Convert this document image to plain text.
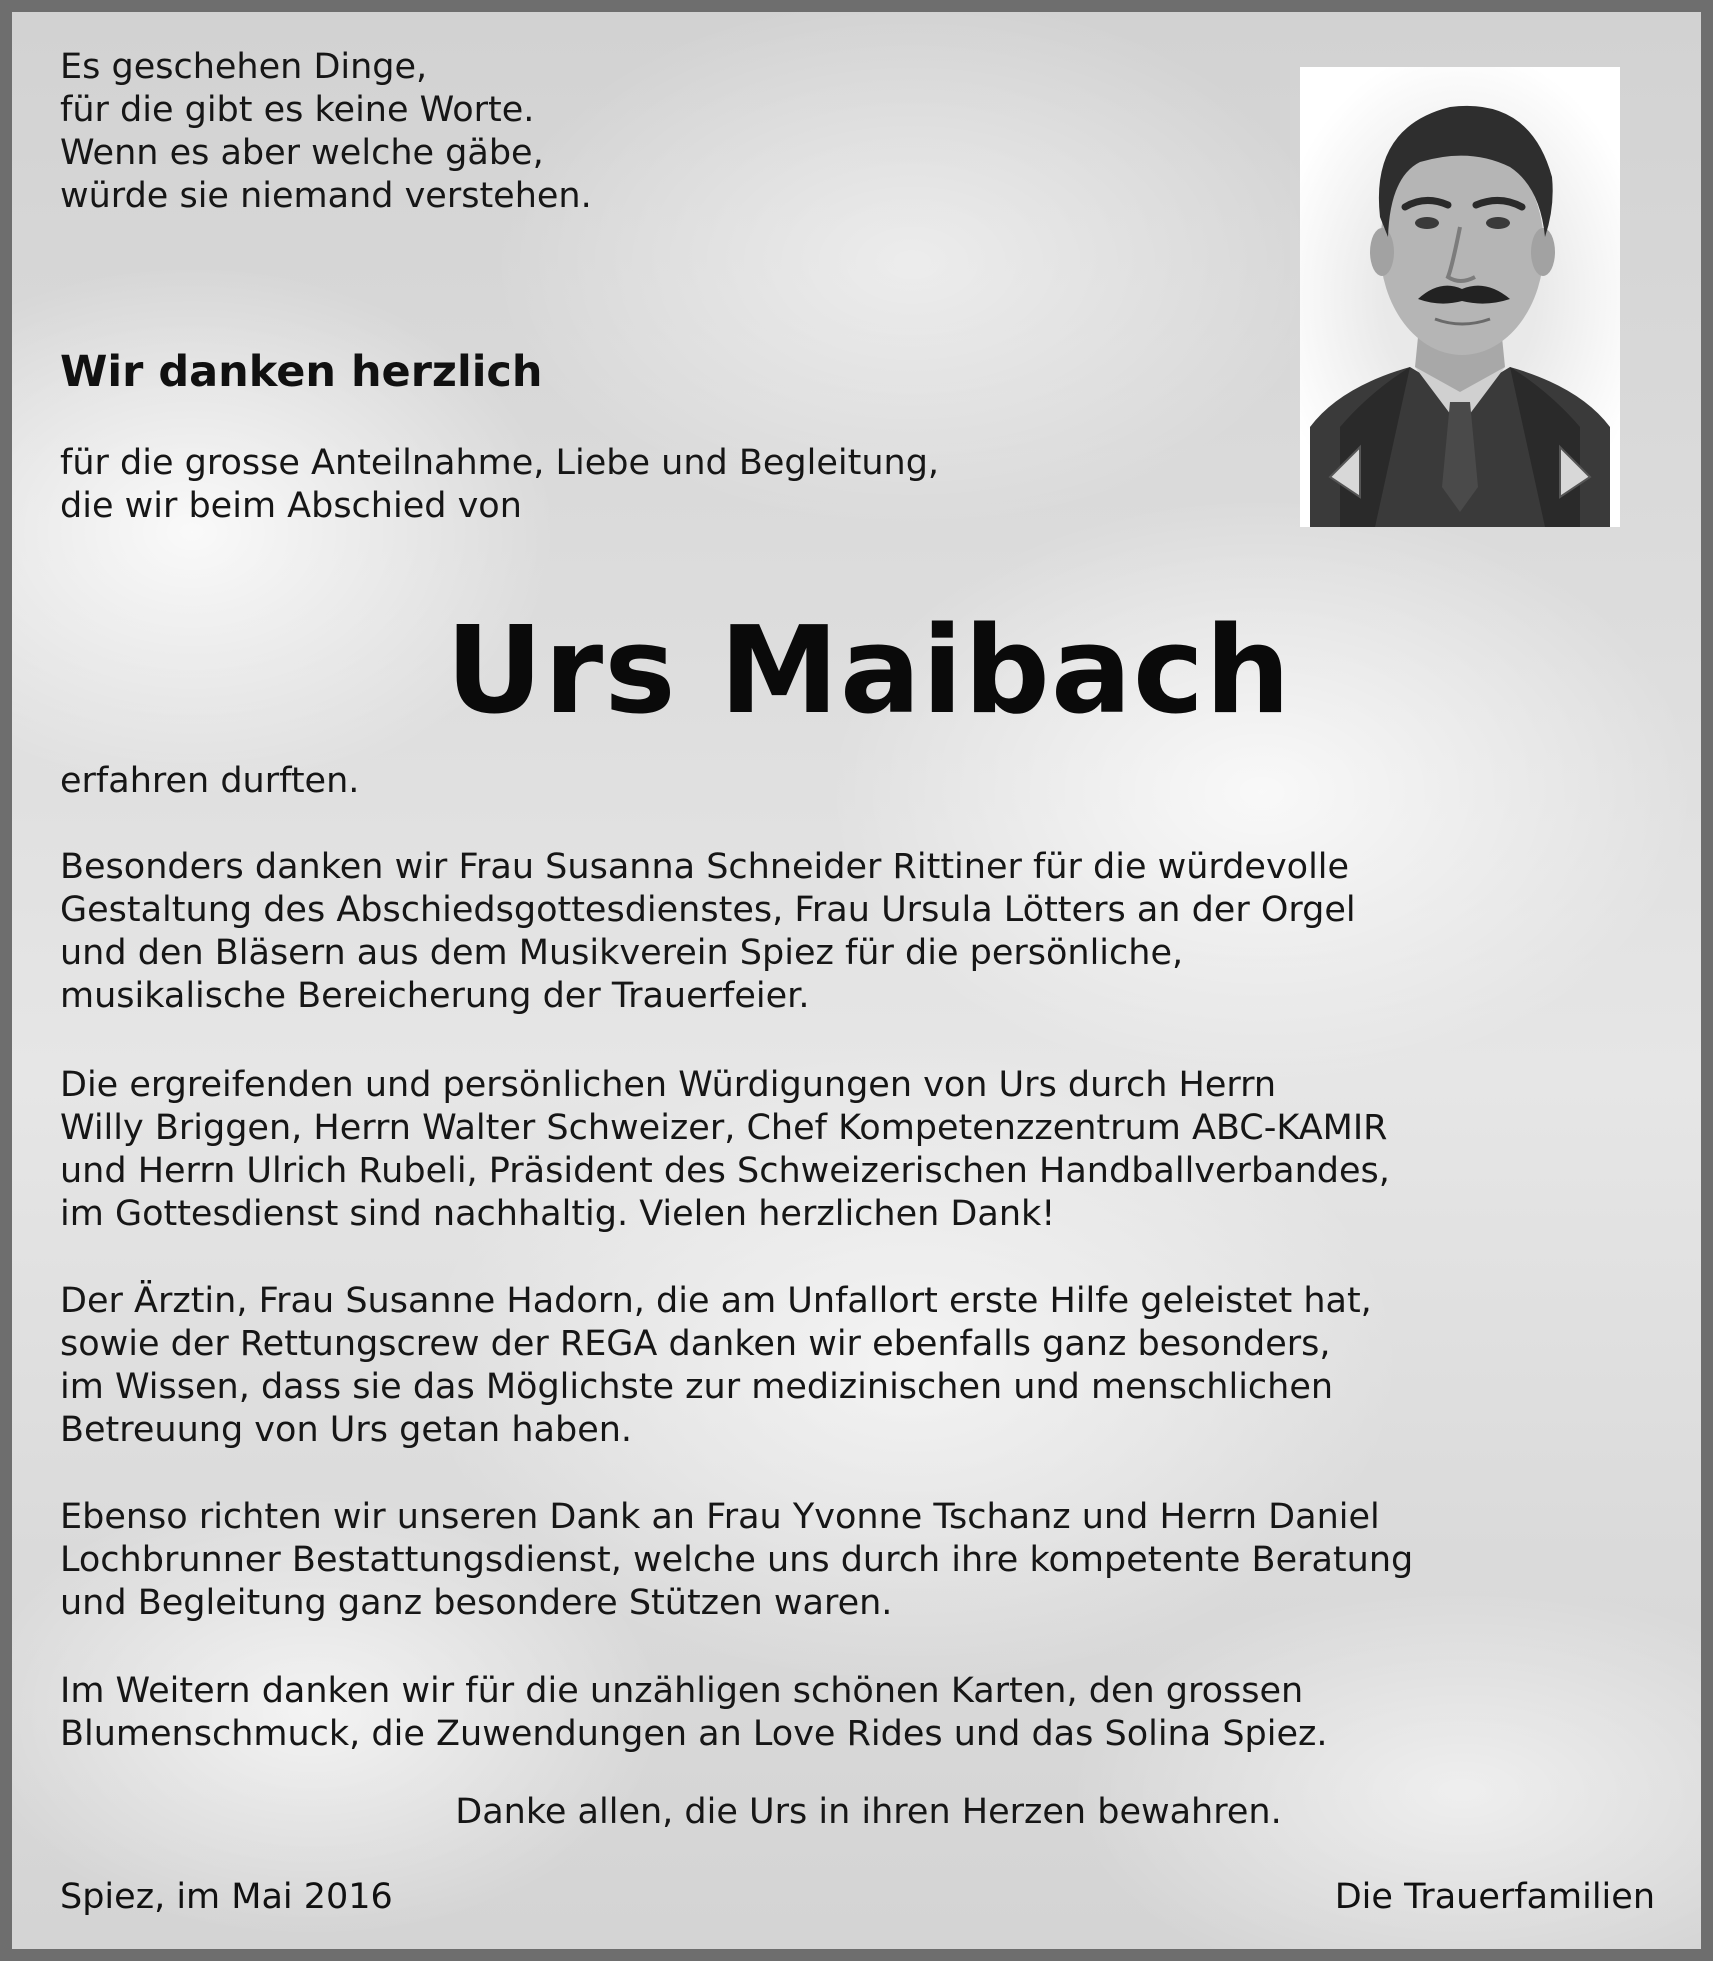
Es geschehen Dinge,
für die gibt es keine Worte.
Wenn es aber welche gäbe,
würde sie niemand verstehen.

Wir danken herzlich

für die grosse Anteilnahme, Liebe und Begleitung,
die wir beim Abschied von

Urs Maibach

erfahren durften.

Besonders danken wir Frau Susanna Schneider Rittiner für die würdevolle
Gestaltung des Abschiedsgottesdienstes, Frau Ursula Lötters an der Orgel
und den Bläsern aus dem Musikverein Spiez für die persönliche,
musikalische Bereicherung der Trauerfeier.

Die ergreifenden und persönlichen Würdigungen von Urs durch Herrn
Willy Briggen, Herrn Walter Schweizer, Chef Kompetenzzentrum ABC-KAMIR
und Herrn Ulrich Rubeli, Präsident des Schweizerischen Handballverbandes,
im Gottesdienst sind nachhaltig. Vielen herzlichen Dank!

Der Ärztin, Frau Susanne Hadorn, die am Unfallort erste Hilfe geleistet hat,
sowie der Rettungscrew der REGA danken wir ebenfalls ganz besonders,
im Wissen, dass sie das Möglichste zur medizinischen und menschlichen
Betreuung von Urs getan haben.

Ebenso richten wir unseren Dank an Frau Yvonne Tschanz und Herrn Daniel
Lochbrunner Bestattungsdienst, welche uns durch ihre kompetente Beratung
und Begleitung ganz besondere Stützen waren.

Im Weitern danken wir für die unzähligen schönen Karten, den grossen
Blumenschmuck, die Zuwendungen an Love Rides und das Solina Spiez.

Danke allen, die Urs in ihren Herzen bewahren.

Spiez, im Mai 2016	Die Trauerfamilien
